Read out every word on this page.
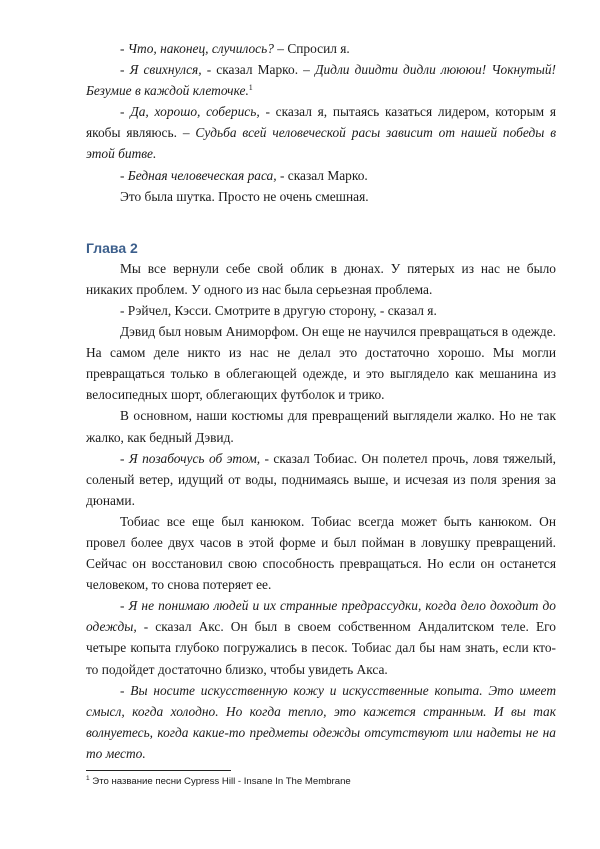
- Что, наконец, случилось? – Спросил я.

- Я свихнулся, - сказал Марко. – Дидли диидти дидли люююи! Чокнутый! Безумие в каждой клеточке.$^1$

- Да, хорошо, соберись, - сказал я, пытаясь казаться лидером, которым я якобы являюсь. – Судьба всей человеческой расы зависит от нашей победы в этой битве.

- Бедная человеческая раса, - сказал Марко.

Это была шутка. Просто не очень смешная.

Глава 2

Мы все вернули себе свой облик в дюнах. У пятерых из нас не было никаких проблем. У одного из нас была серьезная проблема.

- Рэйчел, Кэсси. Смотрите в другую сторону, - сказал я.

Дэвид был новым Аниморфом. Он еще не научился превращаться в одежде. На самом деле никто из нас не делал это достаточно хорошо. Мы могли превращаться только в облегающей одежде, и это выглядело как мешанина из велосипедных шорт, облегающих футболок и трико.

В основном, наши костюмы для превращений выглядели жалко. Но не так жалко, как бедный Дэвид.

- Я позабочусь об этом, - сказал Тобиас. Он полетел прочь, ловя тяжелый, соленый ветер, идущий от воды, поднимаясь выше, и исчезая из поля зрения за дюнами.

Тобиас все еще был канюком. Тобиас всегда может быть канюком. Он провел более двух часов в этой форме и был пойман в ловушку превращений. Сейчас он восстановил свою способность превращаться. Но если он останется человеком, то снова потеряет ее.

- Я не понимаю людей и их странные предрассудки, когда дело доходит до одежды, - сказал Акс. Он был в своем собственном Андалитском теле. Его четыре копыта глубоко погружались в песок. Тобиас дал бы нам знать, если кто-то подойдет достаточно близко, чтобы увидеть Акса.

- Вы носите искусственную кожу и искусственные копыта. Это имеет смысл, когда холодно. Но когда тепло, это кажется странным. И вы так волнуетесь, когда какие-то предметы одежды отсутствуют или надеты не на то место.

$^1$ Это название песни Cypress Hill - Insane In The Membrane
